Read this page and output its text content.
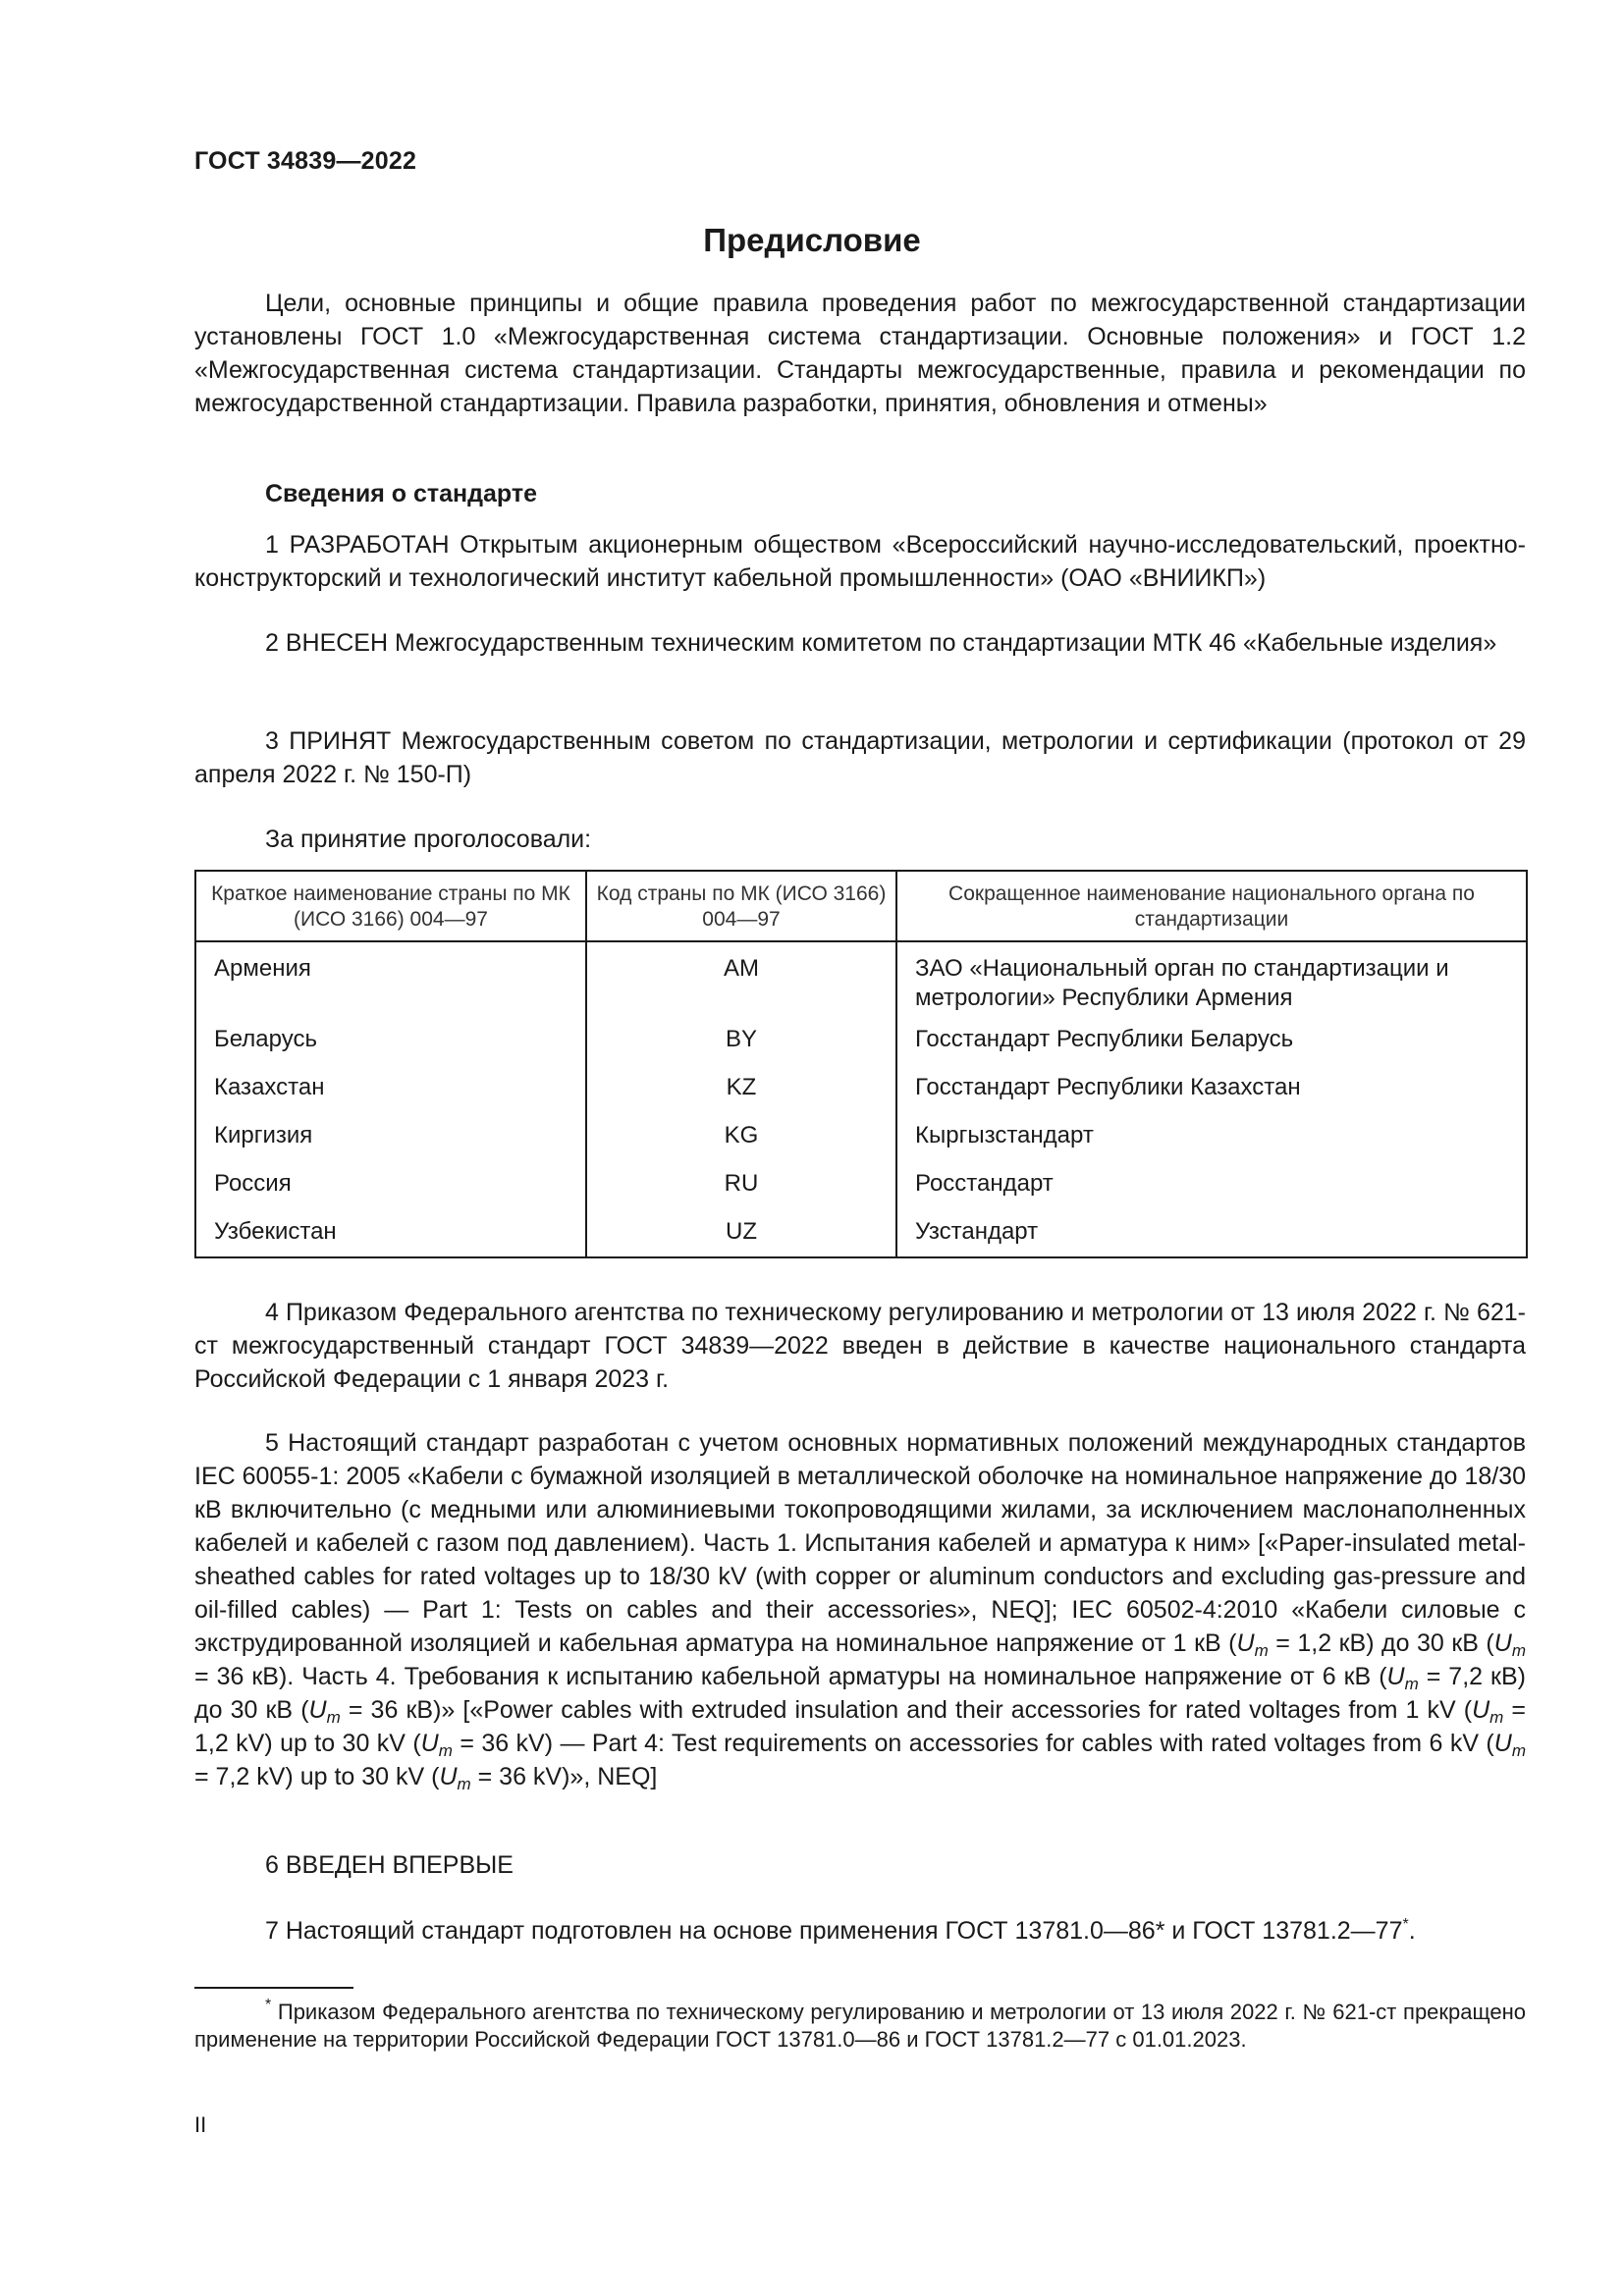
ГОСТ 34839—2022
Предисловие

Цели, основные принципы и общие правила проведения работ по межгосударственной стандартизации установлены ГОСТ 1.0 «Межгосударственная система стандартизации. Основные положения» и ГОСТ 1.2 «Межгосударственная система стандартизации. Стандарты межгосударственные, правила и рекомендации по межгосударственной стандартизации. Правила разработки, принятия, обновления и отмены»

Сведения о стандарте

1 РАЗРАБОТАН Открытым акционерным обществом «Всероссийский научно-исследовательский, проектно-конструкторский и технологический институт кабельной промышленности» (ОАО «ВНИИКП»)

2 ВНЕСЕН Межгосударственным техническим комитетом по стандартизации МТК 46 «Кабельные изделия»

3 ПРИНЯТ Межгосударственным советом по стандартизации, метрологии и сертификации (протокол от 29 апреля 2022 г. № 150-П)

За принятие проголосовали:
Краткое наименование страны по МК (ИСО 3166) 004—97	Код страны по МК (ИСО 3166) 004—97	Сокращенное наименование национального органа по стандартизации
Армения	AM	ЗАО «Национальный орган по стандартизации и метрологии» Республики Армения
Беларусь	BY	Госстандарт Республики Беларусь
Казахстан	KZ	Госстандарт Республики Казахстан
Киргизия	KG	Кыргызстандарт
Россия	RU	Росстандарт
Узбекистан	UZ	Узстандарт

4 Приказом Федерального агентства по техническому регулированию и метрологии от 13 июля 2022 г. № 621-ст межгосударственный стандарт ГОСТ 34839—2022 введен в действие в качестве национального стандарта Российской Федерации с 1 января 2023 г.

5 Настоящий стандарт разработан с учетом основных нормативных положений международных стандартов IEC 60055-1: 2005 «Кабели с бумажной изоляцией в металлической оболочке на номинальное напряжение до 18/30 кВ включительно (с медными или алюминиевыми токопроводящими жилами, за исключением маслонаполненных кабелей и кабелей с газом под давлением). Часть 1. Испытания кабелей и арматура к ним» [«Paper-insulated metal-sheathed cables for rated voltages up to 18/30 kV (with copper or aluminum conductors and excluding gas-pressure and oil-filled cables) — Part 1: Tests on cables and their accessories», NEQ]; IEC 60502-4:2010 «Кабели силовые с экструдированной изоляцией и кабельная арматура на номинальное напряжение от 1 кВ ($U_m = 1,2$ кВ) до 30 кВ ($U_m = 36$ кВ). Часть 4. Требования к испытанию кабельной арматуры на номинальное напряжение от 6 кВ ($U_m = 7,2$ кВ) до 30 кВ ($U_m = 36$ кВ)» [«Power cables with extruded insulation and their accessories for rated voltages from 1 kV ($U_m = 1,2$ kV) up to 30 kV ($U_m = 36$ kV) — Part 4: Test requirements on accessories for cables with rated voltages from 6 kV ($U_m = 7,2$ kV) up to 30 kV ($U_m = 36$ kV)», NEQ]

6 ВВЕДЕН ВПЕРВЫЕ
7 Настоящий стандарт подготовлен на основе применения ГОСТ 13781.0—86* и ГОСТ 13781.2—77*.

* Приказом Федерального агентства по техническому регулированию и метрологии от 13 июля 2022 г. № 621-ст прекращено применение на территории Российской Федерации ГОСТ 13781.0—86 и ГОСТ 13781.2—77 с 01.01.2023.

II
